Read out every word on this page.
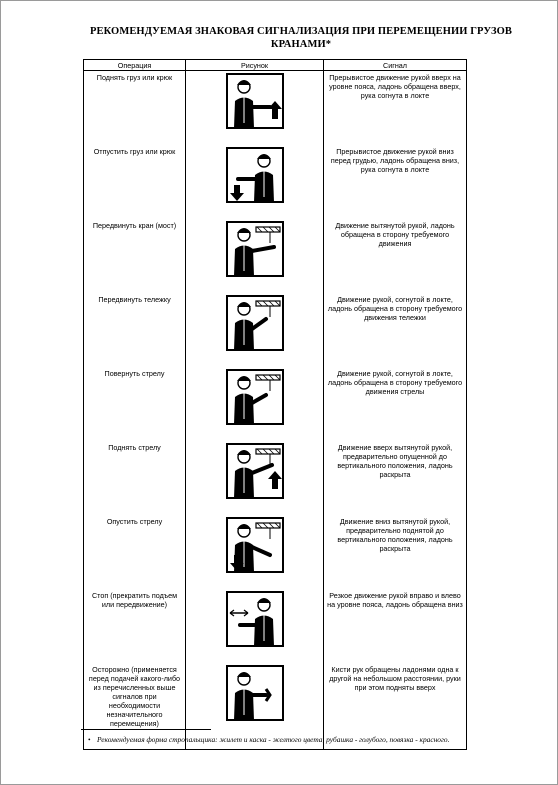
РЕКОМЕНДУЕМАЯ ЗНАКОВАЯ СИГНАЛИЗАЦИЯ ПРИ ПЕРЕМЕЩЕНИИ ГРУЗОВ КРАНАМИ*
Операция	Рисунок	Сигнал
Поднять груз или крюк		Прерывистое движение рукой вверх на уровне пояса, ладонь обращена вверх, рука согнута в локте
Отпустить груз или крюк		Прерывистое движение рукой вниз перед грудью, ладонь обращена вниз, рука согнута в локте
Передвинуть кран (мост)		Движение вытянутой рукой, ладонь обращена в сторону требуемого движения
Передвинуть тележку		Движение рукой, согнутой в локте, ладонь обращена в сторону требуемого движения тележки
Повернуть стрелу		Движение рукой, согнутой в локте, ладонь обращена в сторону требуемого движения стрелы
Поднять стрелу		Движение вверх вытянутой рукой, предварительно опущенной до вертикального положения, ладонь раскрыта
Опустить стрелу		Движение вниз вытянутой рукой, предварительно поднятой до вертикального положения, ладонь раскрыта
Стоп (прекратить подъем или передвижение)		Резкое движение рукой вправо и влево на уровне пояса, ладонь обращена вниз
Осторожно (применяется перед подачей какого-либо из перечисленных выше сигналов при необходимости незначительного перемещения)		Кисти рук обращены ладонями одна к другой на небольшом расстоянии, руки при этом подняты вверх
• Рекомендуемая форма стропальщика: жилет и каска - желтого цвета, рубашка - голубого, повязка - красного.
